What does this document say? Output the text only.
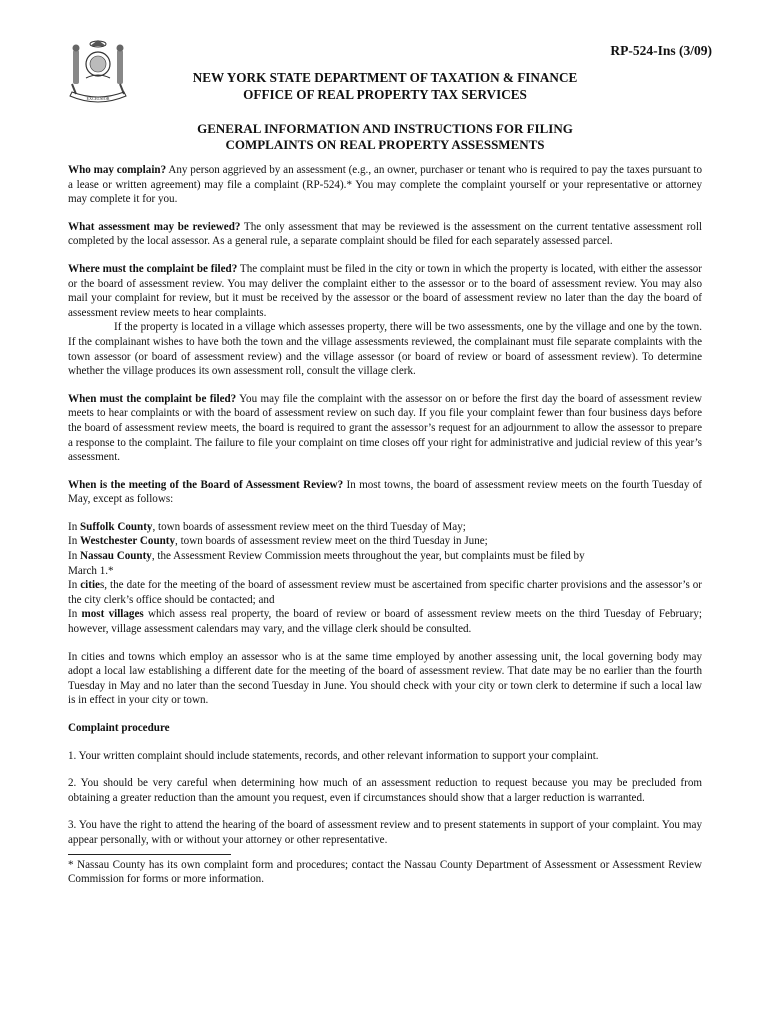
EXCELSIOR
RP-524-Ins (3/09)
NEW YORK STATE DEPARTMENT OF TAXATION & FINANCE
OFFICE OF REAL PROPERTY TAX SERVICES
GENERAL INFORMATION AND INSTRUCTIONS FOR FILING
COMPLAINTS ON REAL PROPERTY ASSESSMENTS

Who may complain? Any person aggrieved by an assessment (e.g., an owner, purchaser or tenant who is required to pay the taxes pursuant to a lease or written agreement) may file a complaint (RP-524).* You may complete the complaint yourself or your representative or attorney may complete it for you.

What assessment may be reviewed? The only assessment that may be reviewed is the assessment on the current tentative assessment roll completed by the local assessor. As a general rule, a separate complaint should be filed for each separately assessed parcel.

Where must the complaint be filed? The complaint must be filed in the city or town in which the property is located, with either the assessor or the board of assessment review. You may deliver the complaint either to the assessor or to the board of assessment review. You may also mail your complaint for review, but it must be received by the assessor or the board of assessment review no later than the day the board of assessment review meets to hear complaints.

If the property is located in a village which assesses property, there will be two assessments, one by the village and one by the town. If the complainant wishes to have both the town and the village assessments reviewed, the complainant must file separate complaints with the town assessor (or board of assessment review) and the village assessor (or board of review or board of assessment review). To determine whether the village produces its own assessment roll, consult the village clerk.

When must the complaint be filed? You may file the complaint with the assessor on or before the first day the board of assessment review meets to hear complaints or with the board of assessment review on such day. If you file your complaint fewer than four business days before the board of assessment review meets, the board is required to grant the assessor’s request for an adjournment to allow the assessor to prepare a response to the complaint. The failure to file your complaint on time closes off your right for administrative and judicial review of this year’s assessment.

When is the meeting of the Board of Assessment Review? In most towns, the board of assessment review meets on the fourth Tuesday of May, except as follows:

In Suffolk County, town boards of assessment review meet on the third Tuesday of May;
In Westchester County, town boards of assessment review meet on the third Tuesday in June;
In Nassau County, the Assessment Review Commission meets throughout the year, but complaints must be filed by March 1.*
In cities, the date for the meeting of the board of assessment review must be ascertained from specific charter provisions and the assessor’s or the city clerk’s office should be contacted; and
In most villages which assess real property, the board of review or board of assessment review meets on the third Tuesday of February; however, village assessment calendars may vary, and the village clerk should be consulted.

In cities and towns which employ an assessor who is at the same time employed by another assessing unit, the local governing body may adopt a local law establishing a different date for the meeting of the board of assessment review. That date may be no earlier than the fourth Tuesday in May and no later than the second Tuesday in June. You should check with your city or town clerk to determine if such a local law is in effect in your city or town.

Complaint procedure

1. Your written complaint should include statements, records, and other relevant information to support your complaint.

2. You should be very careful when determining how much of an assessment reduction to request because you may be precluded from obtaining a greater reduction than the amount you request, even if circumstances should show that a larger reduction is warranted.

3. You have the right to attend the hearing of the board of assessment review and to present statements in support of your complaint. You may appear personally, with or without your attorney or other representative.

* Nassau County has its own complaint form and procedures; contact the Nassau County Department of Assessment or Assessment Review Commission for forms or more information.
